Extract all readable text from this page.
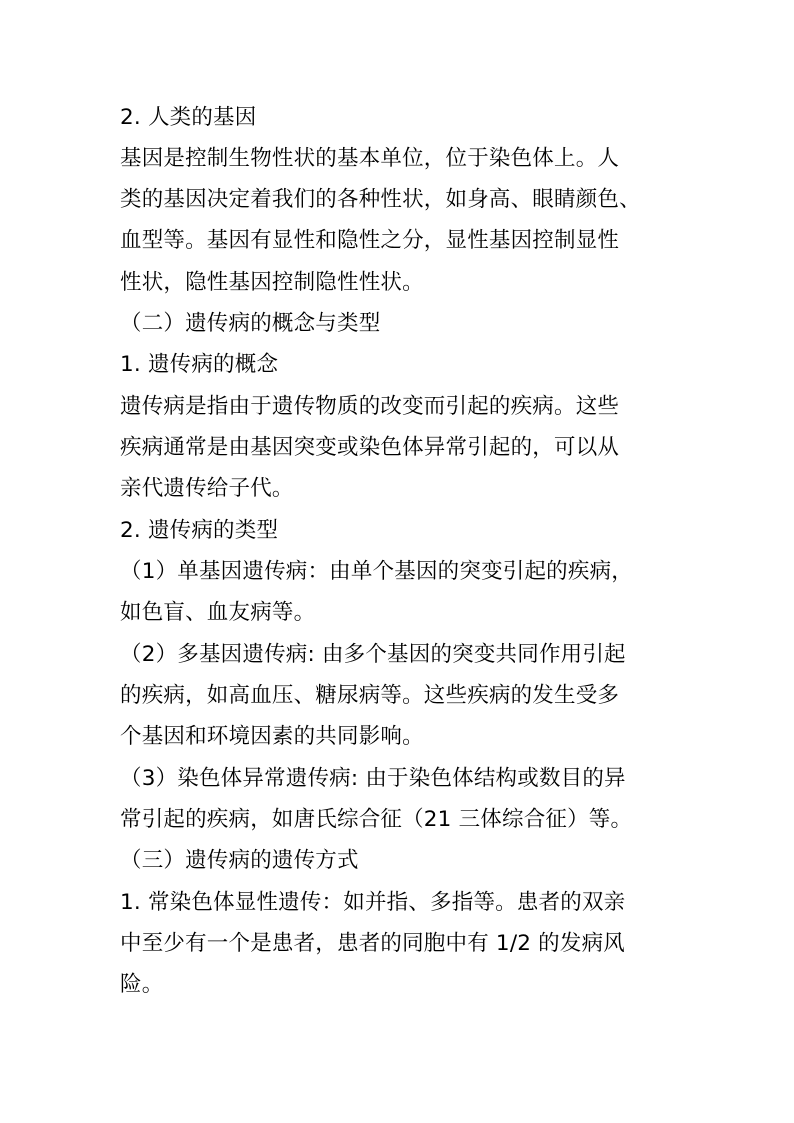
2. 人类的基因

基因是控制生物性状的基本单位，位于染色体上。人

类的基因决定着我们的各种性状，如身高、眼睛颜色、

血型等。基因有显性和隐性之分，显性基因控制显性

性状，隐性基因控制隐性性状。

（二）遗传病的概念与类型

1. 遗传病的概念

遗传病是指由于遗传物质的改变而引起的疾病。这些

疾病通常是由基因突变或染色体异常引起的，可以从

亲代遗传给子代。

2. 遗传病的类型

（1）单基因遗传病：由单个基因的突变引起的疾病，

如色盲、血友病等。

（2）多基因遗传病: 由多个基因的突变共同作用引起

的疾病，如高血压、糖尿病等。这些疾病的发生受多

个基因和环境因素的共同影响。

（3）染色体异常遗传病: 由于染色体结构或数目的异

常引起的疾病，如唐氏综合征（21 三体综合征）等。

（三）遗传病的遗传方式

1. 常染色体显性遗传：如并指、多指等。患者的双亲

中至少有一个是患者，患者的同胞中有 1/2 的发病风

险。
